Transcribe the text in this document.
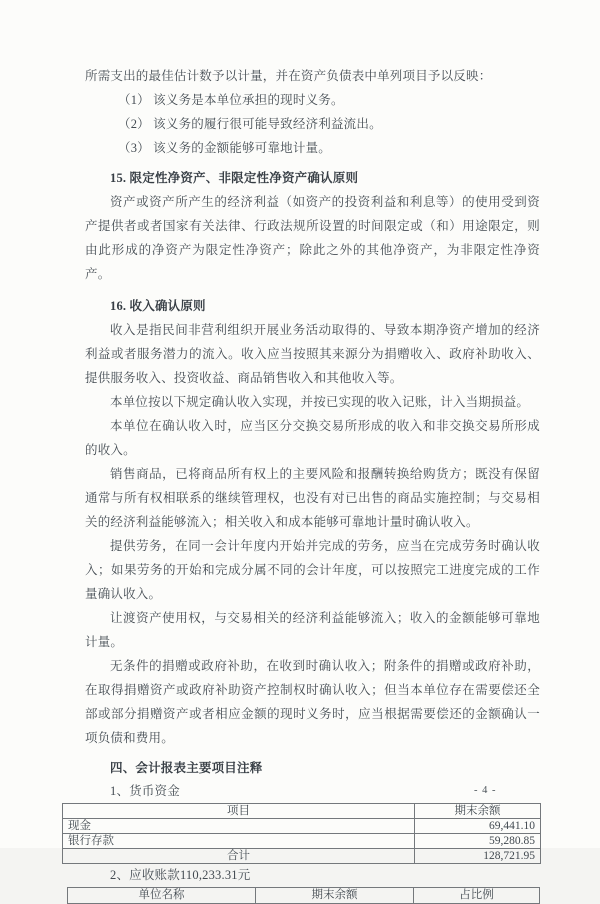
所需支出的最佳估计数予以计量，并在资产负债表中单列项目予以反映：

（1） 该义务是本单位承担的现时义务。

（2） 该义务的履行很可能导致经济利益流出。

（3） 该义务的金额能够可靠地计量。

15. 限定性净资产、非限定性净资产确认原则

资产或资产所产生的经济利益（如资产的投资利益和利息等）的使用受到资产提供者或者国家有关法律、行政法规所设置的时间限定或（和）用途限定，则由此形成的净资产为限定性净资产；除此之外的其他净资产，为非限定性净资产。

16. 收入确认原则

收入是指民间非营利组织开展业务活动取得的、导致本期净资产增加的经济利益或者服务潜力的流入。收入应当按照其来源分为捐赠收入、政府补助收入、提供服务收入、投资收益、商品销售收入和其他收入等。

本单位按以下规定确认收入实现，并按已实现的收入记账，计入当期损益。

本单位在确认收入时，应当区分交换交易所形成的收入和非交换交易所形成的收入。

销售商品，已将商品所有权上的主要风险和报酬转换给购货方；既没有保留通常与所有权相联系的继续管理权，也没有对已出售的商品实施控制；与交易相关的经济利益能够流入；相关收入和成本能够可靠地计量时确认收入。

提供劳务，在同一会计年度内开始并完成的劳务，应当在完成劳务时确认收入；如果劳务的开始和完成分属不同的会计年度，可以按照完工进度完成的工作量确认收入。

让渡资产使用权，与交易相关的经济利益能够流入；收入的金额能够可靠地计量。

无条件的捐赠或政府补助，在收到时确认收入；附条件的捐赠或政府补助，在取得捐赠资产或政府补助资产控制权时确认收入；但当本单位存在需要偿还全部或部分捐赠资产或者相应金额的现时义务时，应当根据需要偿还的金额确认一项负债和费用。

四、会计报表主要项目注释

1、货币资金

项目	期末余额
现金	69,441.10
银行存款	59,280.85
合计	128,721.95

2、应收账款110,233.31元

单位名称	期末余额	占比例
- 4 -
